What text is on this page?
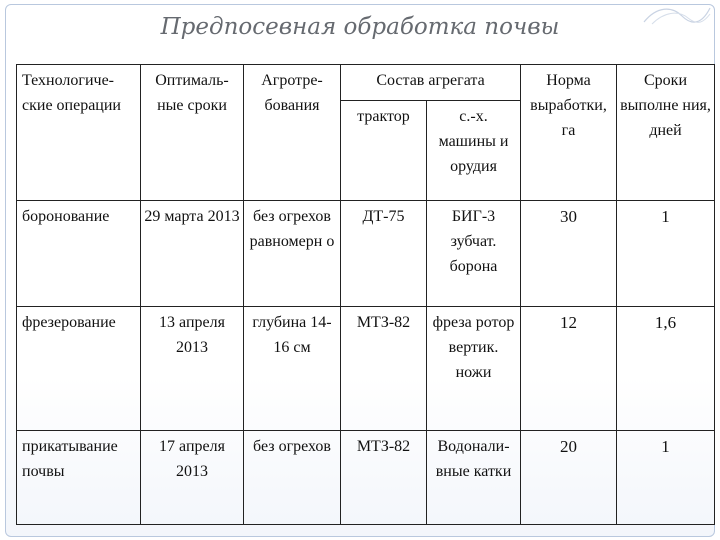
Предпосевная обработка почвы
Технологиче-ские операции	Оптималь-ные сроки	Агротре-бования	Состав агрегата		Норма выработки, га	Сроки выполне ния, дней
			трактор	с.-х. машины и орудия		
боронование	29 марта 2013	без огрехов равномерн о	ДТ-75	БИГ-3 зубчат. борона	30	1
фрезерование	13 апреля 2013	глубина 14-16 см	МТЗ-82	фреза ротор вертик. ножи	12	1,6
прикатывание почвы	17 апреля 2013	без огрехов	МТЗ-82	Водонали-вные катки	20	1
